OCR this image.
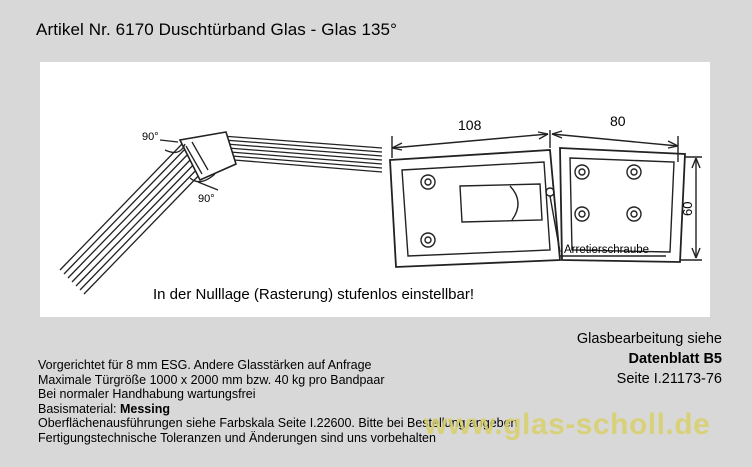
Artikel Nr. 6170 Duschtürband Glas - Glas 135°
90°
90°
108	80
60
Arretierschraube
In der Nulllage (Rasterung) stufenlos einstellbar!
Glasbearbeitung siehe
Datenblatt B5
Seite I.21173-76
Vorgerichtet für 8 mm ESG. Andere Glasstärken auf Anfrage
Maximale Türgröße 1000 x 2000 mm bzw. 40 kg pro Bandpaar
Bei normaler Handhabung wartungsfrei
Basismaterial: Messing
Oberflächenausführungen siehe Farbskala Seite I.22600. Bitte bei Bestellung angeben
Fertigungstechnische Toleranzen und Änderungen sind uns vorbehalten
www.glas-scholl.de
